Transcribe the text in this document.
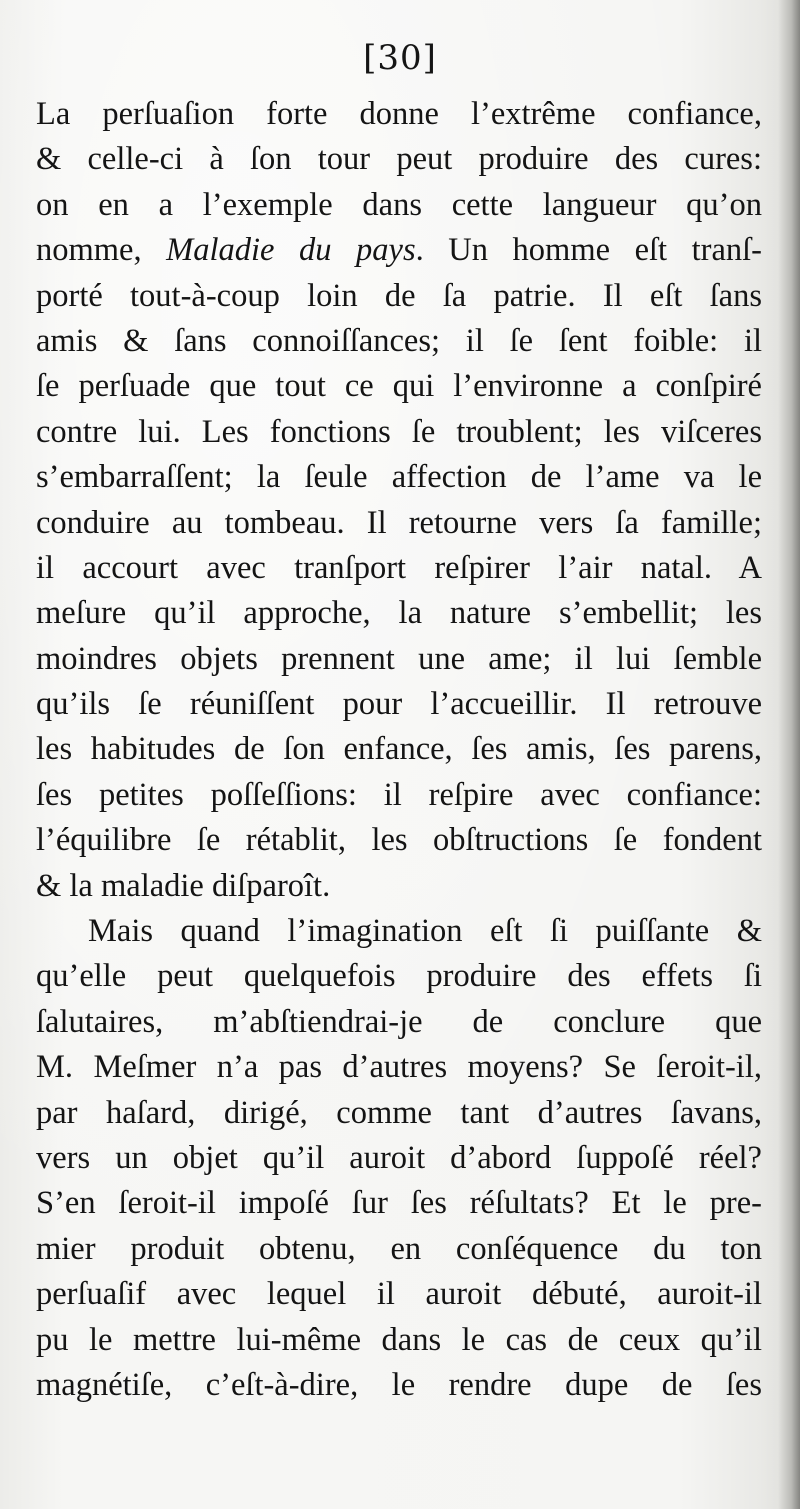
[30]
La perſuaſion forte donne l’extrême confiance,
& celle-ci à ſon tour peut produire des cures:
on en a l’exemple dans cette langueur qu’on
nomme, Maladie du pays. Un homme eſt tranſ-
porté tout-à-coup loin de ſa patrie. Il eſt ſans
amis & ſans connoiſſances; il ſe ſent foible: il
ſe perſuade que tout ce qui l’environne a conſpiré
contre lui. Les fonctions ſe troublent; les viſceres
s’embarraſſent; la ſeule affection de l’ame va le
conduire au tombeau. Il retourne vers ſa famille;
il accourt avec tranſport reſpirer l’air natal. A
meſure qu’il approche, la nature s’embellit; les
moindres objets prennent une ame; il lui ſemble
qu’ils ſe réuniſſent pour l’accueillir. Il retrouve
les habitudes de ſon enfance, ſes amis, ſes parens,
ſes petites poſſeſſions: il reſpire avec confiance:
l’équilibre ſe rétablit, les obſtructions ſe fondent
& la maladie diſparoît.
Mais quand l’imagination eſt ſi puiſſante &
qu’elle peut quelquefois produire des effets ſi
ſalutaires, m’abſtiendrai-je de conclure que
M. Meſmer n’a pas d’autres moyens? Se ſeroit-il,
par haſard, dirigé, comme tant d’autres ſavans,
vers un objet qu’il auroit d’abord ſuppoſé réel?
S’en ſeroit-il impoſé ſur ſes réſultats? Et le pre-
mier produit obtenu, en conſéquence du ton
perſuaſif avec lequel il auroit débuté, auroit-il
pu le mettre lui-même dans le cas de ceux qu’il
magnétiſe, c’eſt-à-dire, le rendre dupe de ſes
